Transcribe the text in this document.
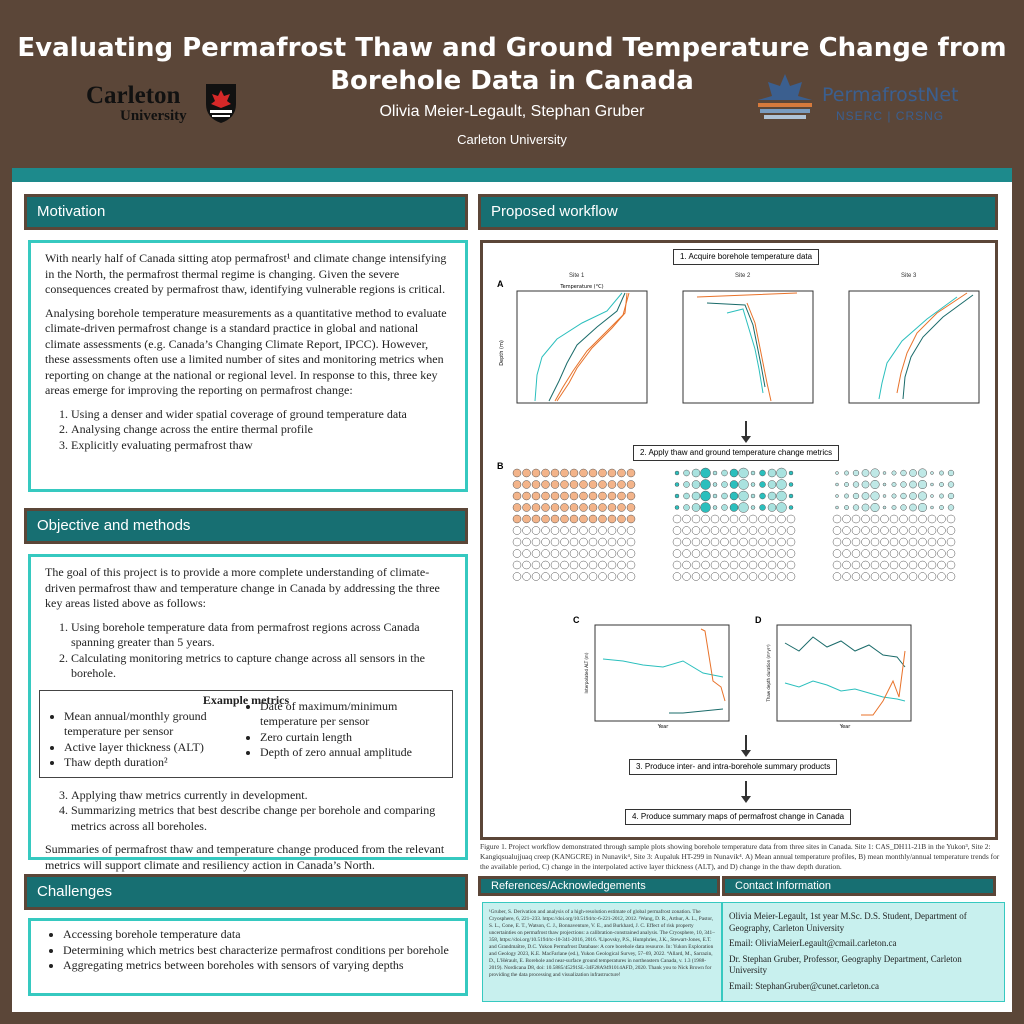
Evaluating Permafrost Thaw and Ground Temperature Change from
Borehole Data in Canada
Olivia Meier-Legault, Stephan Gruber
Carleton University
Carleton
University
PermafrostNet
NSERC | CRSNG
Motivation

With nearly half of Canada sitting atop permafrost¹ and climate change intensifying in the North, the permafrost thermal regime is changing. Given the severe consequences created by permafrost thaw, identifying vulnerable regions is critical.

Analysing borehole temperature measurements as a quantitative method to evaluate climate-driven permafrost change is a standard practice in global and national climate assessments (e.g. Canada’s Changing Climate Report, IPCC). However, these assessments often use a limited number of sites and monitoring metrics when reporting on change at the national or regional level. In response to this, three key areas emerge for improving the reporting on permafrost change:

1. Using a denser and wider spatial coverage of ground temperature data
2. Analysing change across the entire thermal profile
3. Explicitly evaluating permafrost thaw
Objective and methods

The goal of this project is to provide a more complete understanding of climate-driven permafrost thaw and temperature change in Canada by addressing the three key areas listed above as follows:

1. Using borehole temperature data from permafrost regions across Canada spanning greater than 5 years.
2. Calculating monitoring metrics to capture change across all sensors in the borehole.
Example metrics
• Mean annual/monthly ground temperature per sensor
• Active layer thickness (ALT)
• Thaw depth duration²
• Date of maximum/minimum temperature per sensor
• Zero curtain length
• Depth of zero annual amplitude
3. Applying thaw metrics currently in development.
4. Summarizing metrics that best describe change per borehole and comparing metrics across all boreholes.

Summaries of permafrost thaw and temperature change produced from the relevant metrics will support climate and resiliency action in Canada’s North.

Challenges
• Accessing borehole temperature data
• Determining which metrics best characterize permafrost conditions per borehole
• Aggregating metrics between boreholes with sensors of varying depths
Proposed workflow
1. Acquire borehole temperature data
A
Site 1	Site 2	Site 3
Temperature (°C)
Depth (m)
2. Apply thaw and ground temperature change metrics
B
C	D
Year
Interpolated ALT (m)
Year
Thaw depth duration (m²yr¹)
3. Produce inter- and intra-borehole summary products
4. Produce summary maps of permafrost change in Canada
Figure 1. Project workflow demonstrated through sample plots showing borehole temperature data from three sites in Canada. Site 1: CAS_DH11-21B in the Yukon³, Site 2: Kangiqsualujjuaq creep (KANGCRE) in Nunavik⁴, Site 3: Aupaluk HT-299 in Nunavik⁴. A) Mean annual temperature profiles, B) mean monthly/annual temperature trends for the available period, C) change in the interpolated active layer thickness (ALT), and D) change in the thaw depth duration.
References/Acknowledgements	Contact Information
¹Gruber, S. Derivation and analysis of a high-resolution estimate of global permafrost zonation. The Cryosphere, 6, 221–233. https://doi.org/10.5194/tc-6-221-2012, 2012. ²Wang, D. R., Arthur, A. L., Pastor, S. L., Cone, E. T., Watson, C. J., Bonnaventure, V. E., and Burkhard, J. C. Effect of risk property uncertainties on permafrost thaw projections: a calibration-constrained analysis. The Cryosphere, 10, 341–358, https://doi.org/10.5194/tc-10-341-2016, 2016. ³Lipovsky, P.S., Humphries, J.K., Stewart-Jones, E.T. and Grandmaître, D.C. Yukon Permafrost Database: A core borehole data resource. In: Yukon Exploration and Geology 2023, K.E. MacFarlane (ed.), Yukon Geological Survey, 57–69, 2022. ⁴Allard, M., Sarrazin, D., L'Hérault, E. Borehole and near-surface ground temperatures in northeastern Canada, v. 1.3 (1988-2019). Nordicana D8, doi: 10.5885/45291SL-34F28A9491014AFD, 2020. Thank you to Nick Brown for providing the data processing and visualization infrastructure!

Olivia Meier-Legault, 1st year M.Sc. D.S. Student, Department of Geography, Carleton University

Email: OliviaMeierLegault@cmail.carleton.ca

Dr. Stephan Gruber, Professor, Geography Department, Carleton University

Email: StephanGruber@cunet.carleton.ca
